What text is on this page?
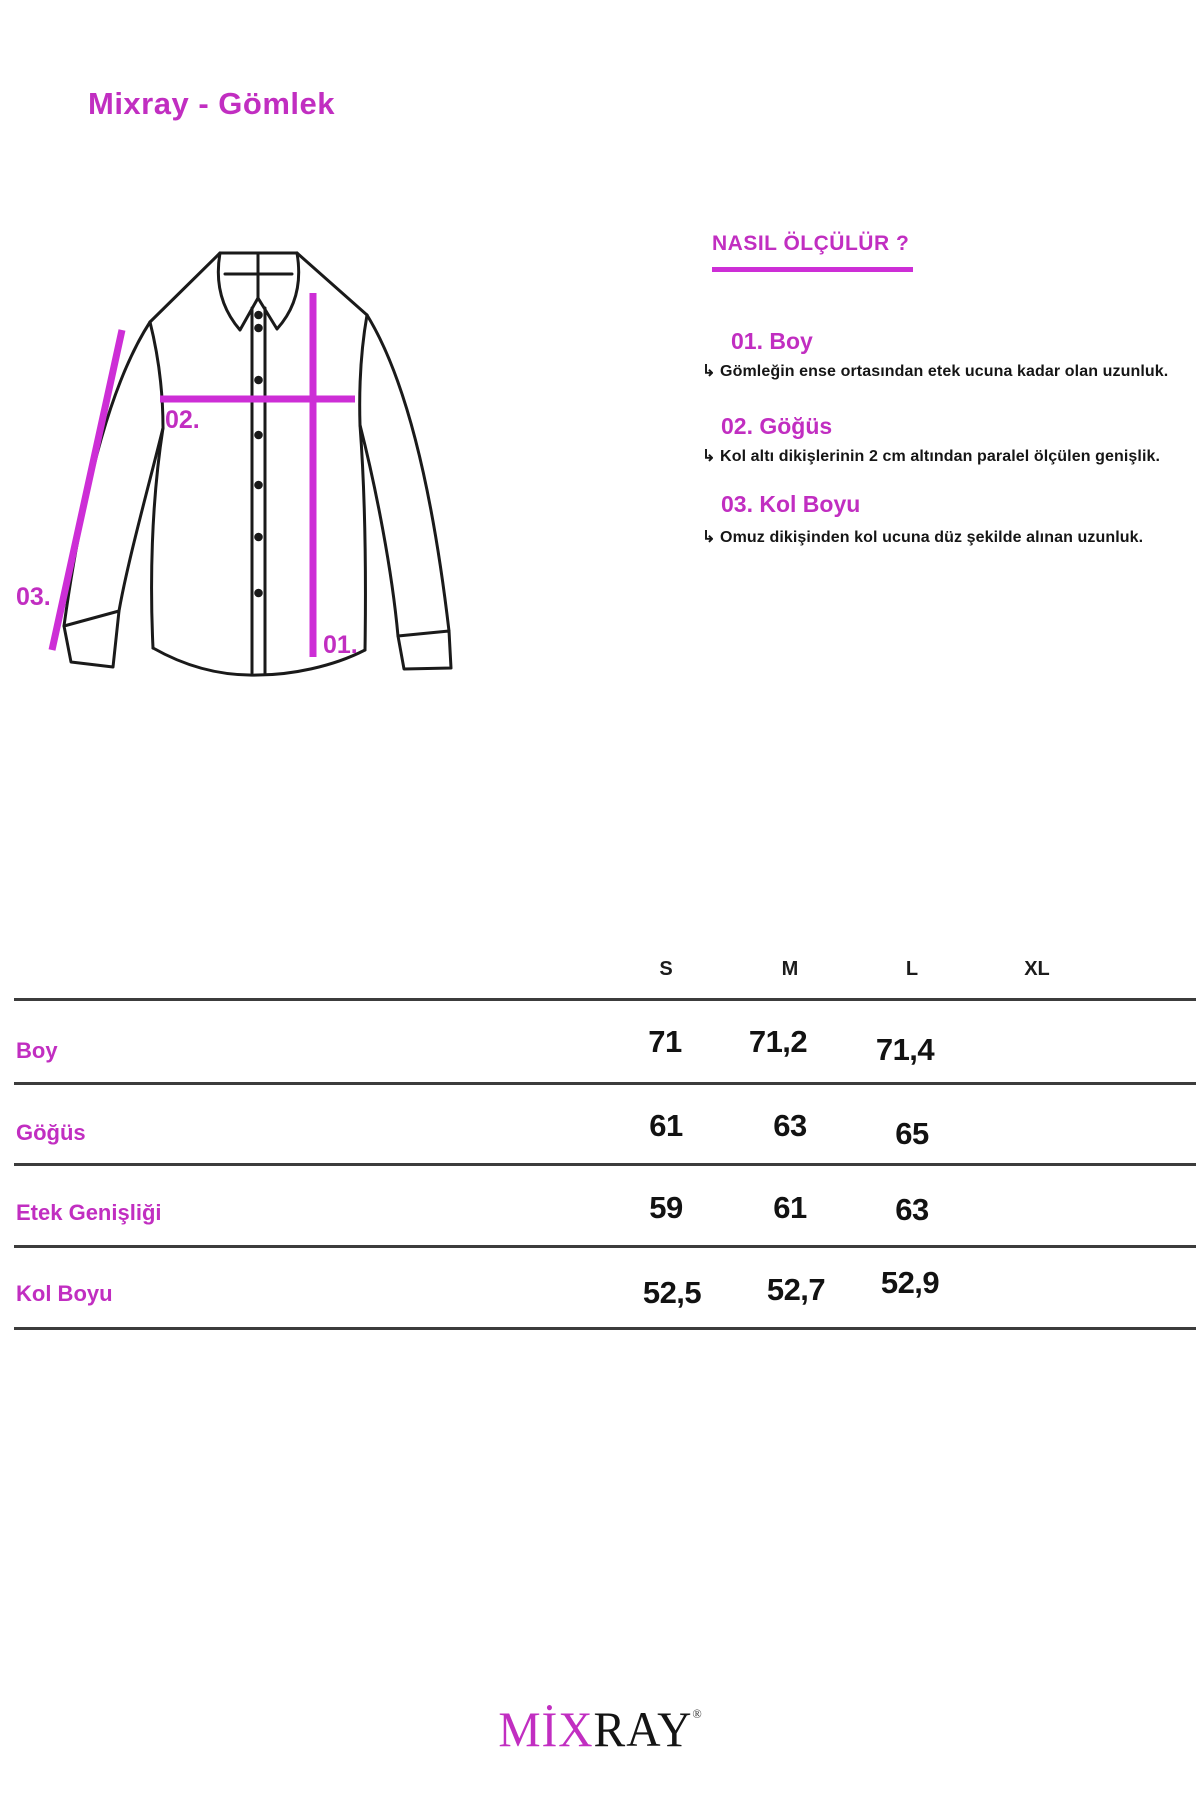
Mixray - Gömlek
02.
03.
01.
NASIL ÖLÇÜLÜR ?
01. Boy
↳ Gömleğin ense ortasından etek ucuna kadar olan uzunluk.
02. Göğüs
↳ Kol altı dikişlerinin 2 cm altından paralel ölçülen genişlik.
03. Kol Boyu
↳ Omuz dikişinden kol ucuna düz şekilde alınan uzunluk.
S	M	L	XL
Boy	71 71,2 71,4
Göğüs	61	63	65
Etek Genişliği	59	61	63
Kol Boyu	52,5 52,7 52,9
MİXRAY®
